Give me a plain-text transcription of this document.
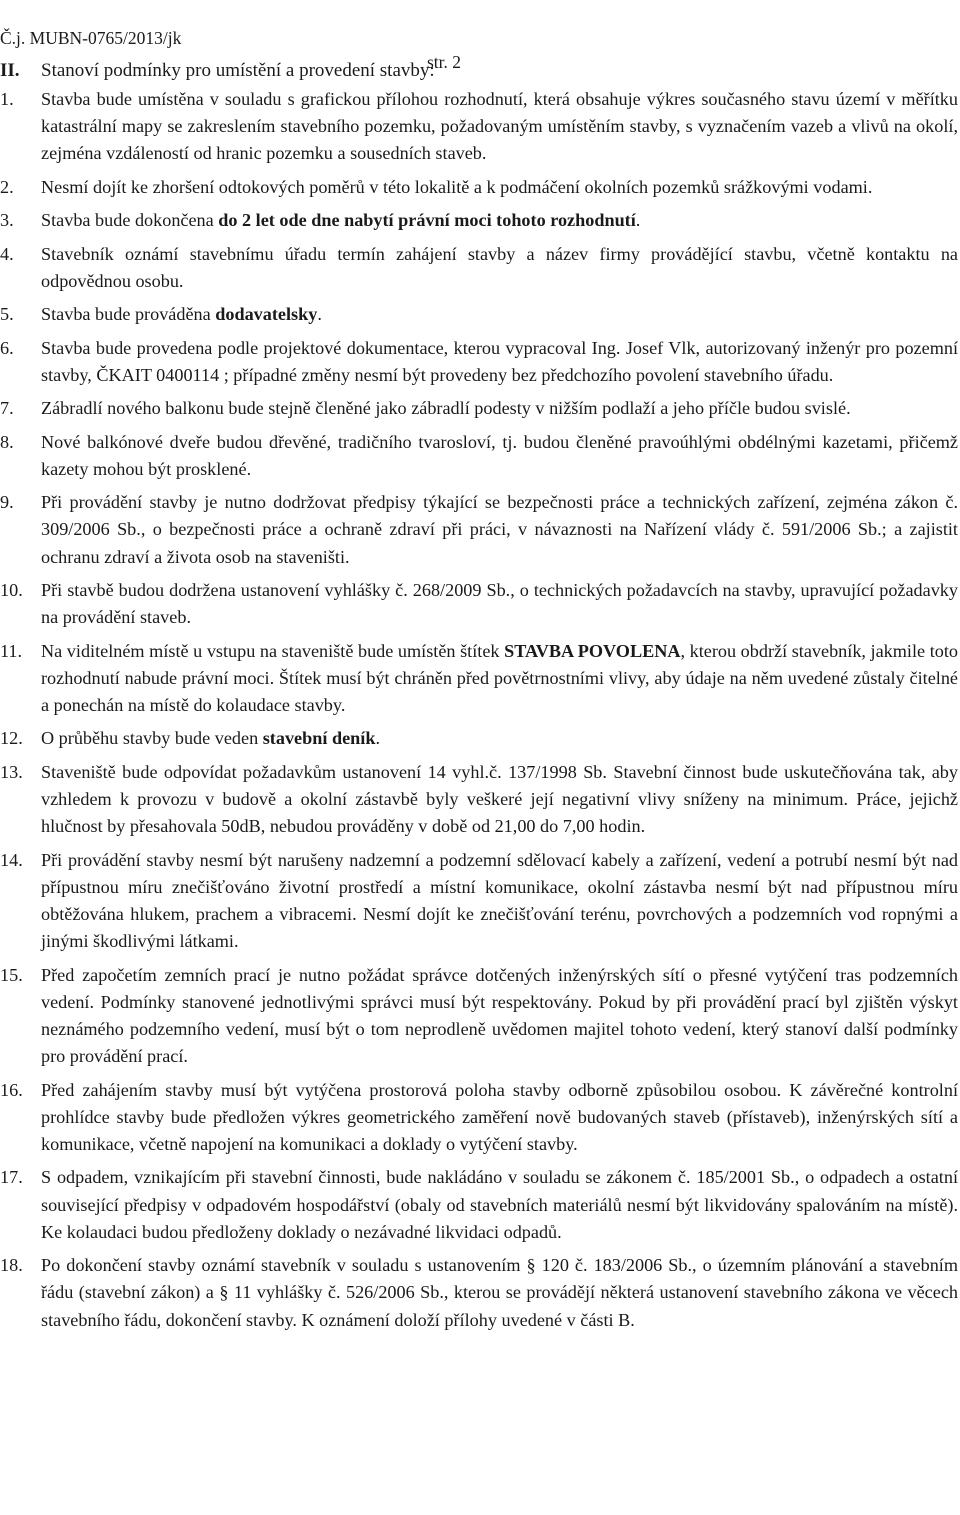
Č.j. MUBN-0765/2013/jk

str. 2

II. Stanoví podmínky pro umístění a provedení stavby:
1. Stavba bude umístěna v souladu s grafickou přílohou rozhodnutí, která obsahuje výkres současného stavu území v měřítku katastrální mapy se zakreslením stavebního pozemku, požadovaným umístěním stavby, s vyznačením vazeb a vlivů na okolí, zejména vzdáleností od hranic pozemku a sousedních staveb.
2. Nesmí dojít ke zhoršení odtokových poměrů v této lokalitě a k podmáčení okolních pozemků srážkovými vodami.
3. Stavba bude dokončena do 2 let ode dne nabytí právní moci tohoto rozhodnutí.
4. Stavebník oznámí stavebnímu úřadu termín zahájení stavby a název firmy provádějící stavbu, včetně kontaktu na odpovědnou osobu.
5. Stavba bude prováděna dodavatelsky.
6. Stavba bude provedena podle projektové dokumentace, kterou vypracoval Ing. Josef Vlk, autorizovaný inženýr pro pozemní stavby, ČKAIT 0400114 ; případné změny nesmí být provedeny bez předchozího povolení stavebního úřadu.
7. Zábradlí nového balkonu bude stejně členěné jako zábradlí podesty v nižším podlaží a jeho příčle budou svislé.
8. Nové balkónové dveře budou dřevěné, tradičního tvarosloví, tj. budou členěné pravoúhlými obdélnými kazetami, přičemž kazety mohou být prosklené.
9. Při provádění stavby je nutno dodržovat předpisy týkající se bezpečnosti práce a technických zařízení, zejména zákon č. 309/2006 Sb., o bezpečnosti práce a ochraně zdraví při práci, v návaznosti na Nařízení vlády č. 591/2006 Sb.; a zajistit ochranu zdraví a života osob na staveništi.
10. Při stavbě budou dodržena ustanovení vyhlášky č. 268/2009 Sb., o technických požadavcích na stavby, upravující požadavky na provádění staveb.
11. Na viditelném místě u vstupu na staveniště bude umístěn štítek STAVBA POVOLENA, kterou obdrží stavebník, jakmile toto rozhodnutí nabude právní moci. Štítek musí být chráněn před povětrnostními vlivy, aby údaje na něm uvedené zůstaly čitelné a ponechán na místě do kolaudace stavby.
12. O průběhu stavby bude veden stavební deník.
13. Staveniště bude odpovídat požadavkům ustanovení 14 vyhl.č. 137/1998 Sb. Stavební činnost bude uskutečňována tak, aby vzhledem k provozu v budově a okolní zástavbě byly veškeré její negativní vlivy sníženy na minimum. Práce, jejichž hlučnost by přesahovala 50dB, nebudou prováděny v době od 21,00 do 7,00 hodin.
14. Při provádění stavby nesmí být narušeny nadzemní a podzemní sdělovací kabely a zařízení, vedení a potrubí nesmí být nad přípustnou míru znečišťováno životní prostředí a místní komunikace, okolní zástavba nesmí být nad přípustnou míru obtěžována hlukem, prachem a vibracemi. Nesmí dojít ke znečišťování terénu, povrchových a podzemních vod ropnými a jinými škodlivými látkami.
15. Před započetím zemních prací je nutno požádat správce dotčených inženýrských sítí o přesné vytýčení tras podzemních vedení. Podmínky stanovené jednotlivými správci musí být respektovány. Pokud by při provádění prací byl zjištěn výskyt neznámého podzemního vedení, musí být o tom neprodleně uvědomen majitel tohoto vedení, který stanoví další podmínky pro provádění prací.
16. Před zahájením stavby musí být vytýčena prostorová poloha stavby odborně způsobilou osobou. K závěrečné kontrolní prohlídce stavby bude předložen výkres geometrického zaměření nově budovaných staveb (přístaveb), inženýrských sítí a komunikace, včetně napojení na komunikaci a doklady o vytýčení stavby.
17. S odpadem, vznikajícím při stavební činnosti, bude nakládáno v souladu se zákonem č. 185/2001 Sb., o odpadech a ostatní související předpisy v odpadovém hospodářství (obaly od stavebních materiálů nesmí být likvidovány spalováním na místě). Ke kolaudaci budou předloženy doklady o nezávadné likvidaci odpadů.
18. Po dokončení stavby oznámí stavebník v souladu s ustanovením § 120 č. 183/2006 Sb., o územním plánování a stavebním řádu (stavební zákon) a § 11 vyhlášky č. 526/2006 Sb., kterou se provádějí některá ustanovení stavebního zákona ve věcech stavebního řádu, dokončení stavby. K oznámení doloží přílohy uvedené v části B.
